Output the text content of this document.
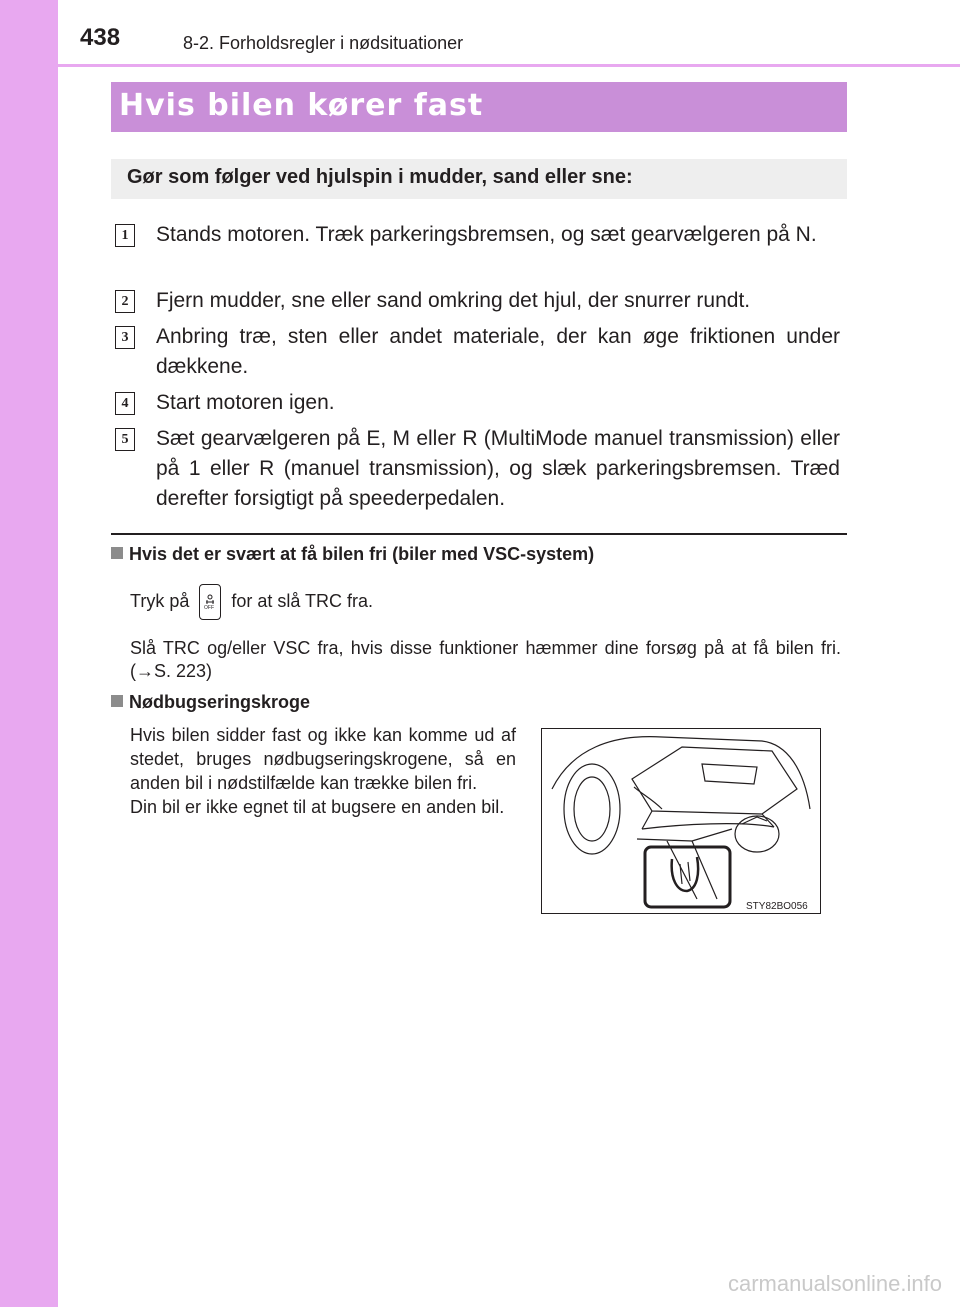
438	8-2. Forholdsregler i nødsituationer
Hvis bilen kører fast
Gør som følger ved hjulspin i mudder, sand eller sne:
1	Stands motoren. Træk parkeringsbremsen, og sæt gearvælgeren på N.
2	Fjern mudder, sne eller sand omkring det hjul, der snurrer rundt.
3	Anbring træ, sten eller andet materiale, der kan øge friktionen under dækkene.
4	Start motoren igen.
5	Sæt gearvælgeren på E, M eller R (MultiMode manuel transmission) eller på 1 eller R (manuel transmission), og slæk parkeringsbremsen. Træd derefter forsigtigt på speederpedalen.
Hvis det er svært at få bilen fri (biler med VSC-system)
Tryk på	OFF for at slå TRC fra.
Slå TRC og/eller VSC fra, hvis disse funktioner hæmmer dine forsøg på at få bilen fri. (→S. 223)
Nødbugseringskroge
Hvis bilen sidder fast og ikke kan komme ud af stedet, bruges nødbugseringskrogene, så en anden bil i nødstilfælde kan trække bilen fri.
Din bil er ikke egnet til at bugsere en anden bil.
STY82BO056
carmanualsonline.info
